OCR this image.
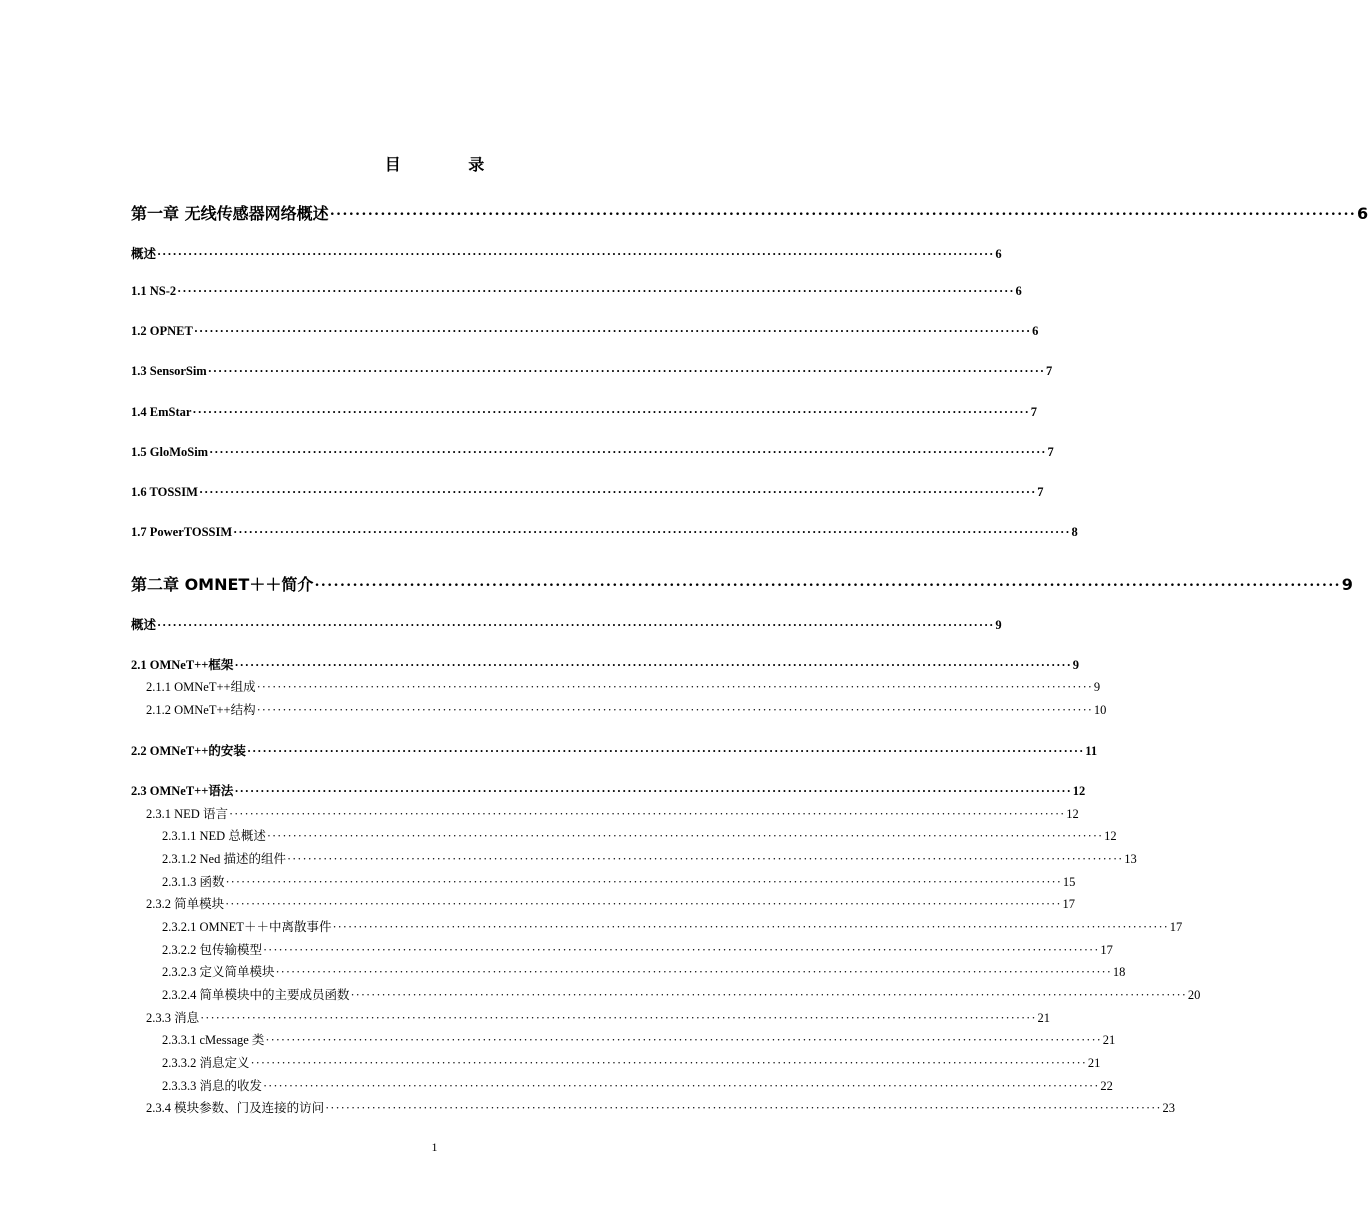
目 录
第一章 无线传感器网络概述 ·································································································································································· 6
概述 ·································································································································································· 6
1.1 NS-2 ·································································································································································· 6
1.2 OPNET ·································································································································································· 6
1.3 SensorSim ·································································································································································· 7
1.4 EmStar ·································································································································································· 7
1.5 GloMoSim ·································································································································································· 7
1.6 TOSSIM ·································································································································································· 7
1.7 PowerTOSSIM ·································································································································································· 8
第二章 OMNET＋＋简介 ·································································································································································· 9
概述 ·································································································································································· 9
2.1 OMNeT++框架 ·································································································································································· 9
2.1.1 OMNeT++组成 ·································································································································································· 9
2.1.2 OMNeT++结构 ·································································································································································· 10
2.2 OMNeT++的安装 ·································································································································································· 11
2.3 OMNeT++语法 ·································································································································································· 12
2.3.1 NED 语言 ·································································································································································· 12
2.3.1.1 NED 总概述 ·································································································································································· 12
2.3.1.2 Ned 描述的组件 ·································································································································································· 13
2.3.1.3 函数 ·································································································································································· 15
2.3.2 简单模块 ·································································································································································· 17
2.3.2.1 OMNET＋＋中离散事件 ·································································································································································· 17
2.3.2.2 包传输模型 ·································································································································································· 17
2.3.2.3 定义简单模块 ·································································································································································· 18
2.3.2.4 简单模块中的主要成员函数 ·································································································································································· 20
2.3.3 消息 ·································································································································································· 21
2.3.3.1 cMessage 类 ·································································································································································· 21
2.3.3.2 消息定义 ·································································································································································· 21
2.3.3.3 消息的收发 ·································································································································································· 22
2.3.4 模块参数、门及连接的访问 ·································································································································································· 23
1
